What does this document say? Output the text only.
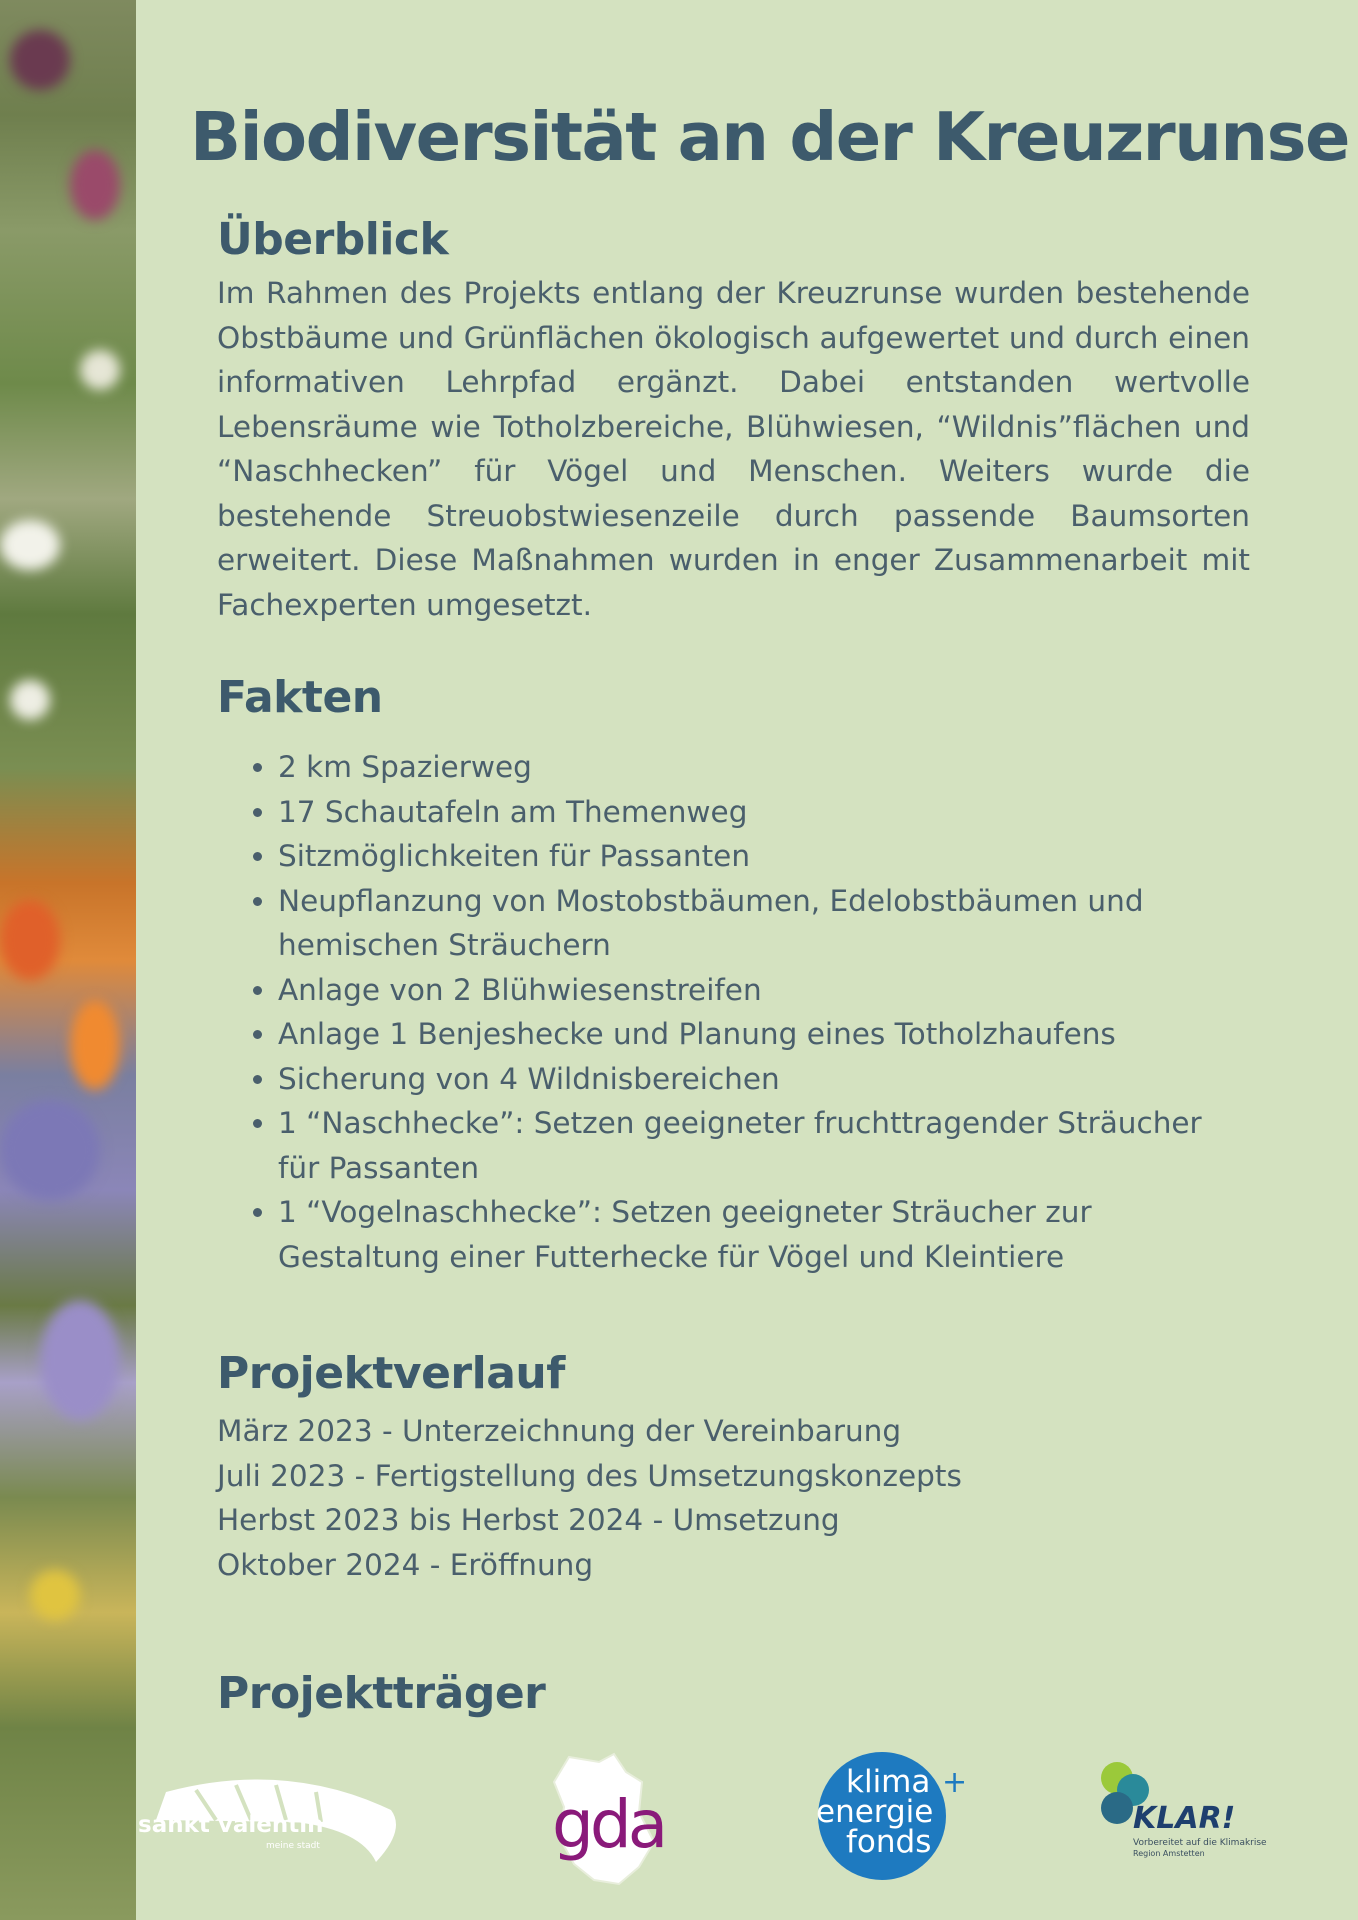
Biodiversität an der Kreuzrunse
Überblick

Im Rahmen des Projekts entlang der Kreuzrunse wurden bestehende Obstbäume und Grünflächen ökologisch aufgewertet und durch einen informativen Lehrpfad ergänzt. Dabei entstanden wertvolle Lebensräume wie Totholzbereiche, Blühwiesen, “Wildnis”flächen und “Naschhecken” für Vögel und Menschen. Weiters wurde die bestehende Streuobstwiesenzeile durch passende Baumsorten erweitert. Diese Maßnahmen wurden in enger Zusammenarbeit mit Fachexperten umgesetzt.

Fakten
• 2 km Spazierweg
• 17 Schautafeln am Themenweg
• Sitzmöglichkeiten für Passanten
• Neupflanzung von Mostobstbäumen, Edelobstbäumen und hemischen Sträuchern
• Anlage von 2 Blühwiesenstreifen
• Anlage 1 Benjeshecke und Planung eines Totholzhaufens
• Sicherung von 4 Wildnisbereichen
• 1 “Naschhecke”: Setzen geeigneter fruchttragender Sträucher für Passanten
• 1 “Vogelnaschhecke”: Setzen geeigneter Sträucher zur Gestaltung einer Futterhecke für Vögel und Kleintiere
Projektverlauf
März 2023 - Unterzeichnung der Vereinbarung
Juli 2023 - Fertigstellung des Umsetzungskonzepts
Herbst 2023 bis Herbst 2024 - Umsetzung
Oktober 2024 - Eröffnung
Projektträger
sankt valentin
meine stadt	gda
klima +
energie
fonds
KLAR!
Vorbereitet auf die Klimakrise
Region Amstetten
